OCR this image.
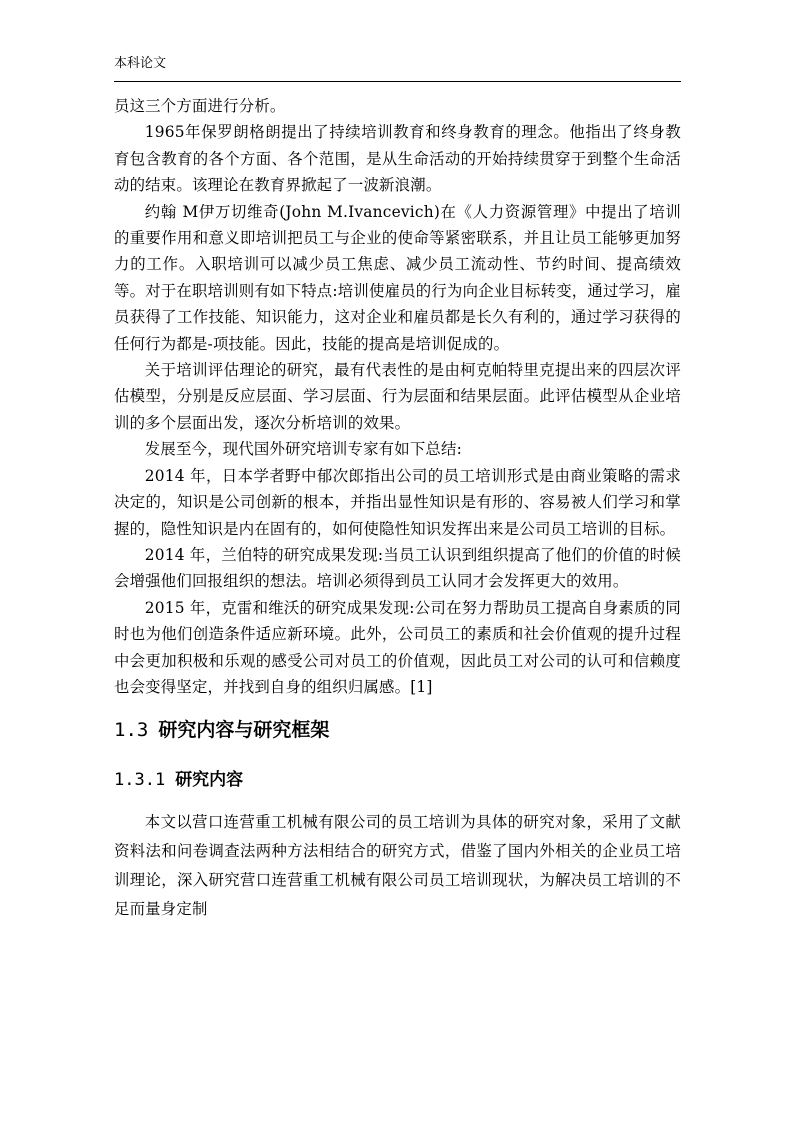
本科论文

员这三个方面进行分析。

1965年保罗朗格朗提出了持续培训教育和终身教育的理念。他指出了终身教育包含教育的各个方面、各个范围，是从生命活动的开始持续贯穿于到整个生命活动的结束。该理论在教育界掀起了一波新浪潮。

约翰 M伊万切维奇(John M.Ivancevich)在《人力资源管理》中提出了培训的重要作用和意义即培训把员工与企业的使命等紧密联系，并且让员工能够更加努力的工作。入职培训可以减少员工焦虑、减少员工流动性、节约时间、提高绩效等。对于在职培训则有如下特点:培训使雇员的行为向企业目标转变，通过学习，雇员获得了工作技能、知识能力，这对企业和雇员都是长久有利的，通过学习获得的任何行为都是-项技能。因此，技能的提高是培训促成的。

关于培训评估理论的研究，最有代表性的是由柯克帕特里克提出来的四层次评估模型，分别是反应层面、学习层面、行为层面和结果层面。此评估模型从企业培训的多个层面出发，逐次分析培训的效果。

发展至今，现代国外研究培训专家有如下总结:

2014 年，日本学者野中郁次郎指出公司的员工培训形式是由商业策略的需求决定的，知识是公司创新的根本，并指出显性知识是有形的、容易被人们学习和掌握的，隐性知识是内在固有的，如何使隐性知识发挥出来是公司员工培训的目标。

2014 年，兰伯特的研究成果发现:当员工认识到组织提高了他们的价值的时候会增强他们回报组织的想法。培训必须得到员工认同才会发挥更大的效用。

2015 年，克雷和维沃的研究成果发现:公司在努力帮助员工提高自身素质的同时也为他们创造条件适应新环境。此外，公司员工的素质和社会价值观的提升过程中会更加积极和乐观的感受公司对员工的价值观，因此员工对公司的认可和信赖度也会变得坚定，并找到自身的组织归属感。[1]

1.3 研究内容与研究框架
1.3.1 研究内容

本文以营口连营重工机械有限公司的员工培训为具体的研究对象，采用了文献资料法和问卷调查法两种方法相结合的研究方式，借鉴了国内外相关的企业员工培训理论，深入研究营口连营重工机械有限公司员工培训现状，为解决员工培训的不足而量身定制
